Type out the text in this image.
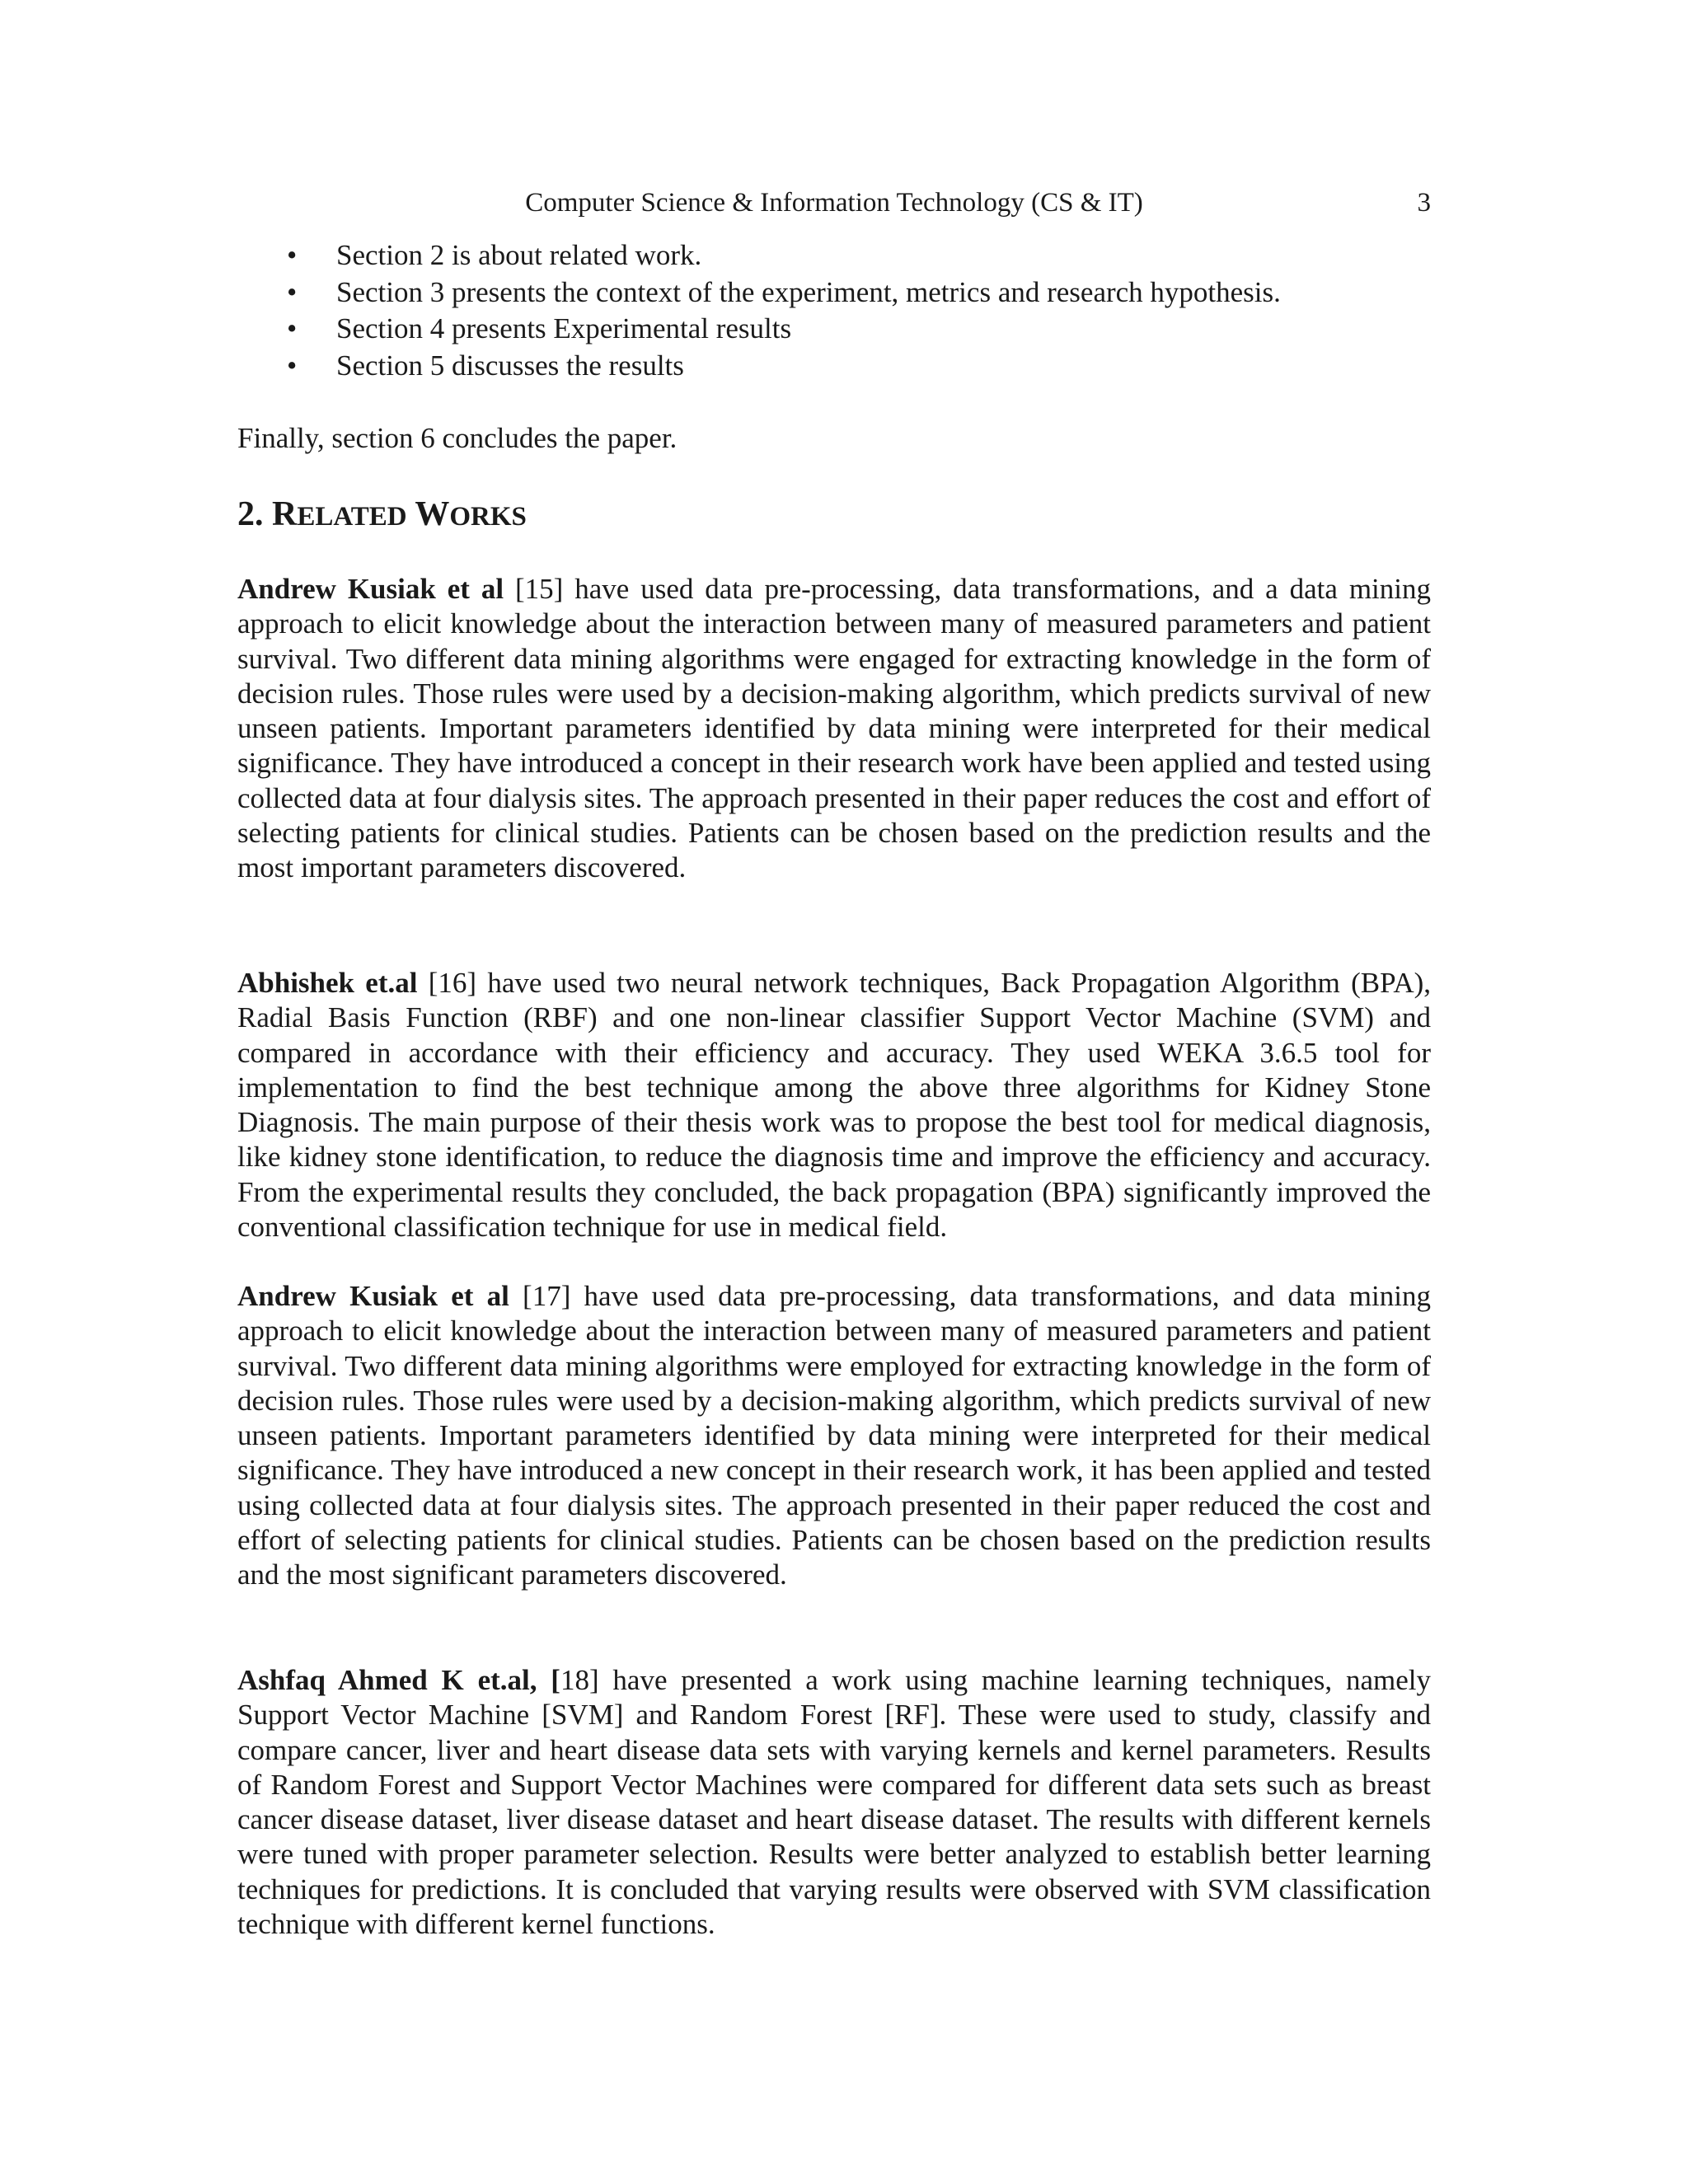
Computer Science & Information Technology (CS & IT)	3
• Section 2 is about related work.
• Section 3 presents the context of the experiment, metrics and research hypothesis.
• Section 4 presents Experimental results
• Section 5 discusses the results

Finally, section 6 concludes the paper.

2. RELATED WORKS

Andrew Kusiak et al [15] have used data pre-processing, data transformations, and a data mining approach to elicit knowledge about the interaction between many of measured parameters and patient survival. Two different data mining algorithms were engaged for extracting knowledge in the form of decision rules. Those rules were used by a decision-making algorithm, which predicts survival of new unseen patients. Important parameters identified by data mining were interpreted for their medical significance. They have introduced a concept in their research work have been applied and tested using collected data at four dialysis sites. The approach presented in their paper reduces the cost and effort of selecting patients for clinical studies. Patients can be chosen based on the prediction results and the most important parameters discovered.

Abhishek et.al [16] have used two neural network techniques, Back Propagation Algorithm (BPA), Radial Basis Function (RBF) and one non-linear classifier Support Vector Machine (SVM) and compared in accordance with their efficiency and accuracy. They used WEKA 3.6.5 tool for implementation to find the best technique among the above three algorithms for Kidney Stone Diagnosis. The main purpose of their thesis work was to propose the best tool for medical diagnosis, like kidney stone identification, to reduce the diagnosis time and improve the efficiency and accuracy. From the experimental results they concluded, the back propagation (BPA) significantly improved the conventional classification technique for use in medical field.

Andrew Kusiak et al [17] have used data pre-processing, data transformations, and data mining approach to elicit knowledge about the interaction between many of measured parameters and patient survival. Two different data mining algorithms were employed for extracting knowledge in the form of decision rules. Those rules were used by a decision-making algorithm, which predicts survival of new unseen patients. Important parameters identified by data mining were interpreted for their medical significance. They have introduced a new concept in their research work, it has been applied and tested using collected data at four dialysis sites. The approach presented in their paper reduced the cost and effort of selecting patients for clinical studies. Patients can be chosen based on the prediction results and the most significant parameters discovered.

Ashfaq Ahmed K et.al, [18] have presented a work using machine learning techniques, namely Support Vector Machine [SVM] and Random Forest [RF]. These were used to study, classify and compare cancer, liver and heart disease data sets with varying kernels and kernel parameters. Results of Random Forest and Support Vector Machines were compared for different data sets such as breast cancer disease dataset, liver disease dataset and heart disease dataset. The results with different kernels were tuned with proper parameter selection. Results were better analyzed to establish better learning techniques for predictions. It is concluded that varying results were observed with SVM classification technique with different kernel functions.
